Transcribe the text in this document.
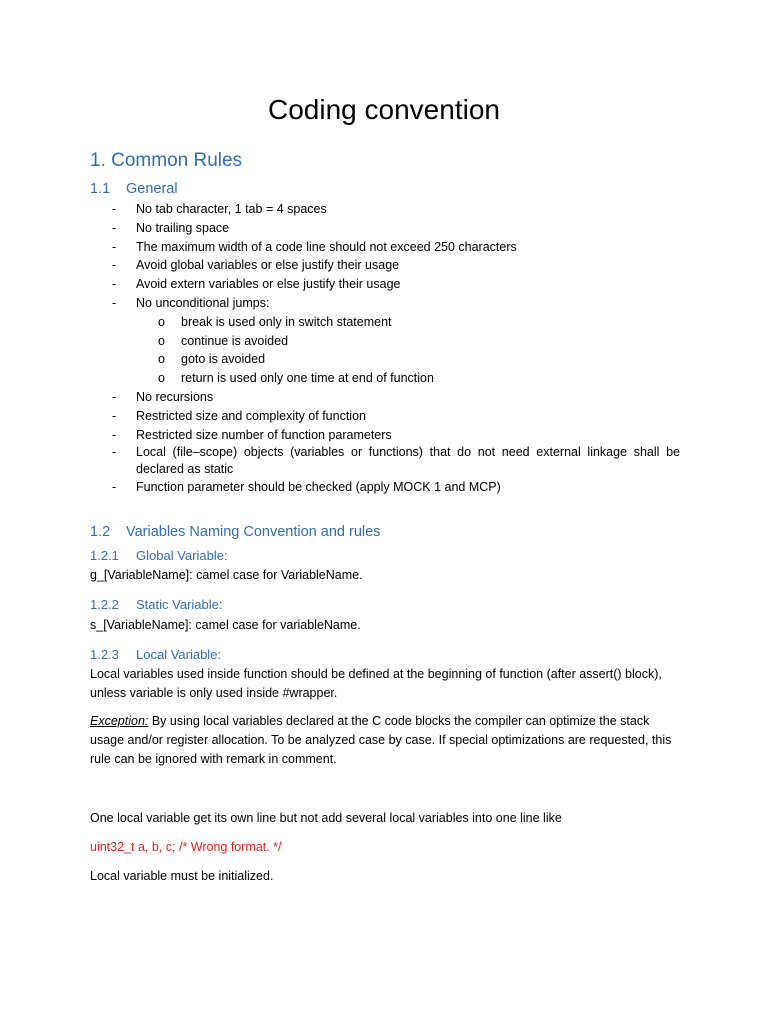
Coding convention
1. Common Rules
1.1 General
- No tab character, 1 tab = 4 spaces
- No trailing space
- The maximum width of a code line should not exceed 250 characters
- Avoid global variables or else justify their usage
- Avoid extern variables or else justify their usage
- No unconditional jumps:
o break is used only in switch statement
o continue is avoided
o goto is avoided
o return is used only one time at end of function
- No recursions
- Restricted size and complexity of function
- Restricted size number of function parameters
- Local (file–scope) objects (variables or functions) that do not need external linkage shall be declared as static
- Function parameter should be checked (apply MOCK 1 and MCP)
1.2 Variables Naming Convention and rules
1.2.1 Global Variable:

g_[VariableName]: camel case for VariableName.

1.2.2 Static Variable:

s_[VariableName]: camel case for variableName.

1.2.3 Local Variable:

Local variables used inside function should be defined at the beginning of function (after assert() block), unless variable is only used inside #wrapper.

Exception: By using local variables declared at the C code blocks the compiler can optimize the stack usage and/or register allocation. To be analyzed case by case. If special optimizations are requested, this rule can be ignored with remark in comment.

One local variable get its own line but not add several local variables into one line like

uint32_t a, b, c; /* Wrong format. */

Local variable must be initialized.
